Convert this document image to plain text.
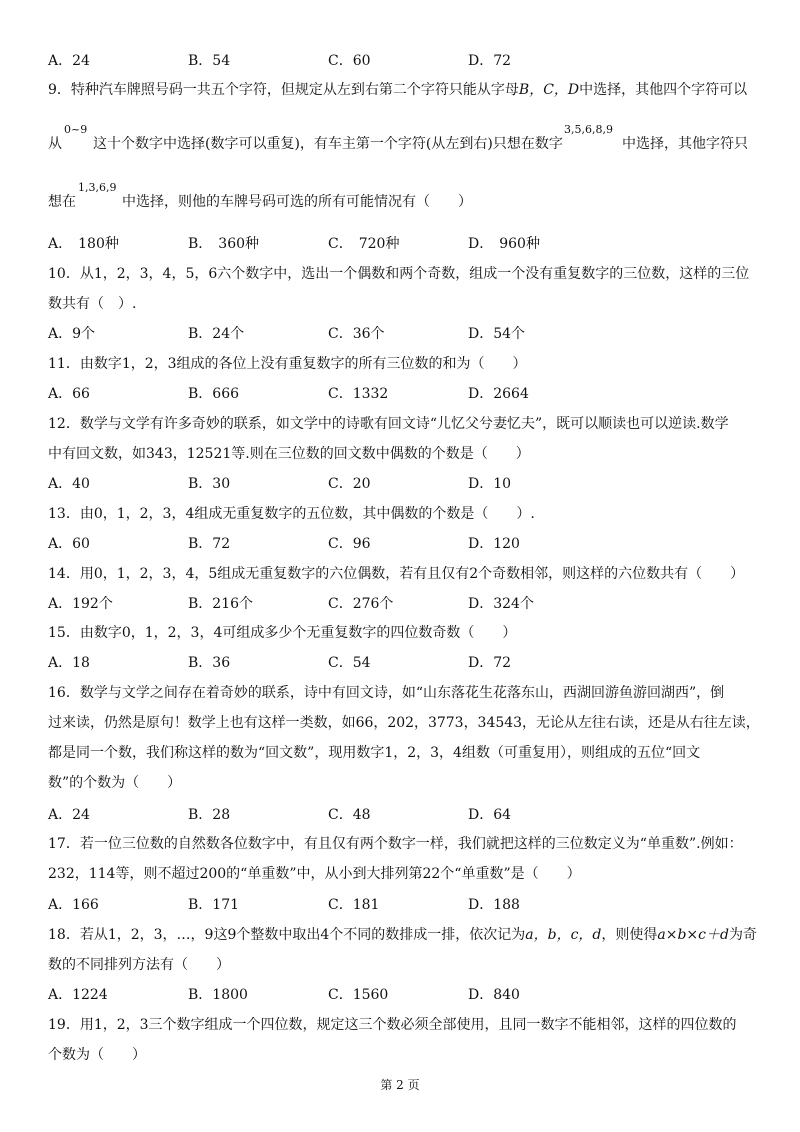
A．24	B．54	C．60	D．72
9．特种汽车牌照号码一共五个字符，但规定从左到右第二个字符只能从字母B，C，D中选择，其他四个字符可以
0~9
从 这十个数字中选择(数字可以重复)，有车主第一个字符(从左到右)只想在数字
3,5,6,8,9
中选择，其他字符只
1,3,6,9
想在	中选择，则他的车牌号码可选的所有可能情况有（　　）
A． 180种	B． 360种	C． 720种	D． 960种
10．从1，2，3，4，5，6六个数字中，选出一个偶数和两个奇数，组成一个没有重复数字的三位数，这样的三位
数共有（　）.
A．9个	B．24个	C．36个	D．54个
11．由数字1，2，3组成的各位上没有重复数字的所有三位数的和为（　　）
A．66	B．666	C．1332	D．2664
12．数学与文学有许多奇妙的联系，如文学中的诗歌有回文诗“儿忆父兮妻忆夫”，既可以顺读也可以逆读.数学
中有回文数，如343，12521等.则在三位数的回文数中偶数的个数是（　　）
A．40	B．30	C．20	D．10
13．由0，1，2，3，4组成无重复数字的五位数，其中偶数的个数是（　　）.
A．60	B．72	C．96	D．120
14．用0，1，2，3，4，5组成无重复数字的六位偶数，若有且仅有2个奇数相邻，则这样的六位数共有（　　）
A．192个	B．216个	C．276个	D．324个
15．由数字0，1，2，3，4可组成多少个无重复数字的四位数奇数（　　）
A．18	B．36	C．54	D．72
16．数学与文学之间存在着奇妙的联系，诗中有回文诗，如“山东落花生花落东山，西湖回游鱼游回湖西”，倒
过来读，仍然是原句！数学上也有这样一类数，如66，202，3773，34543，无论从左往右读，还是从右往左读，
都是同一个数，我们称这样的数为“回文数”，现用数字1，2，3，4组数（可重复用），则组成的五位“回文
数”的个数为（　　）
A．24	B．28	C．48	D．64
17．若一位三位数的自然数各位数字中，有且仅有两个数字一样，我们就把这样的三位数定义为“单重数”.例如：
232，114等，则不超过200的“单重数”中，从小到大排列第22个“单重数”是（　　）
A．166	B．171	C．181	D．188
18．若从1，2，3，…，9这9个整数中取出4个不同的数排成一排，依次记为a，b，c，d，则使得a×b×c＋d为奇
数的不同排列方法有（　　）
A．1224	B．1800	C．1560	D．840
19．用1，2，3三个数字组成一个四位数，规定这三个数必须全部使用，且同一数字不能相邻，这样的四位数的
个数为（　　）
第 2 页
